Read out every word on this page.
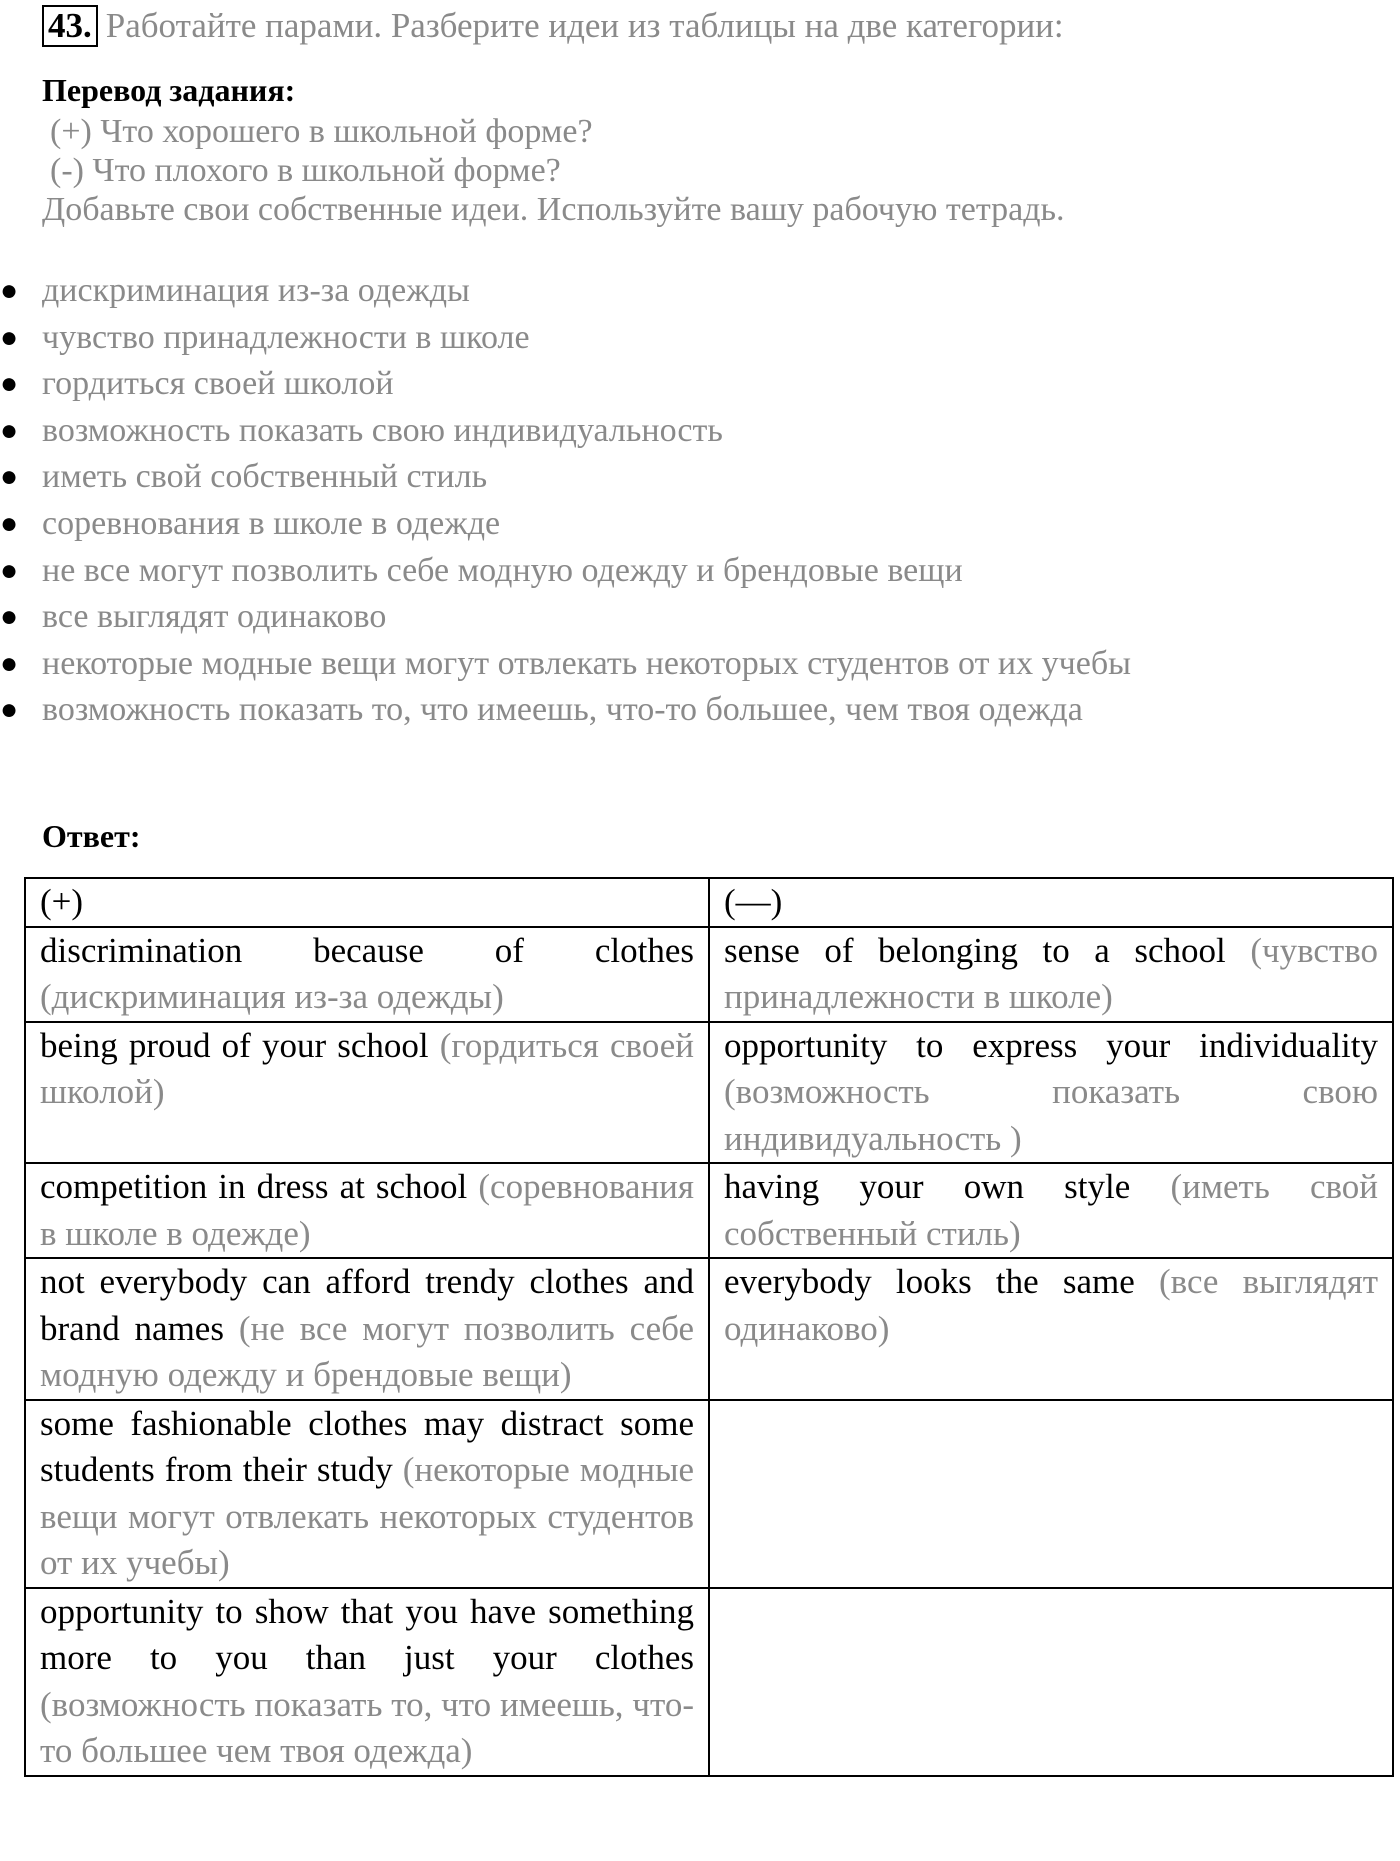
43. Работайте парами. Разберите идеи из таблицы на две категории:
Перевод задания:
(+) Что хорошего в школьной форме?
(-) Что плохого в школьной форме?
Добавьте свои собственные идеи. Используйте вашу рабочую тетрадь.
● дискриминация из-за одежды
● чувство принадлежности в школе
● гордиться своей школой
● возможность показать свою индивидуальность
● иметь свой собственный стиль
● соревнования в школе в одежде
● не все могут позволить себе модную одежду и брендовые вещи
● все выглядят одинаково
● некоторые модные вещи могут отвлекать некоторых студентов от их учебы
● возможность показать то, что имеешь, что-то большее, чем твоя одежда
Ответ:
(+)	(—)
discrimination because of clothes (дискриминация из-за одежды)	sense of belonging to a school (чувство принадлежности в школе)
being proud of your school (гордиться своей школой)	opportunity to express your individuality (возможность показать свою индивидуальность )
competition in dress at school (соревнования в школе в одежде)	having your own style (иметь свой собственный стиль)
not everybody can afford trendy clothes and brand names (не все могут позволить себе модную одежду и брендовые вещи)	everybody looks the same (все выглядят одинаково)
some fashionable clothes may distract some students from their study (некоторые модные вещи могут отвлекать некоторых студентов от их учебы)	
opportunity to show that you have something more to you than just your clothes (возможность показать то, что имеешь, что-то большее чем твоя одежда)	
